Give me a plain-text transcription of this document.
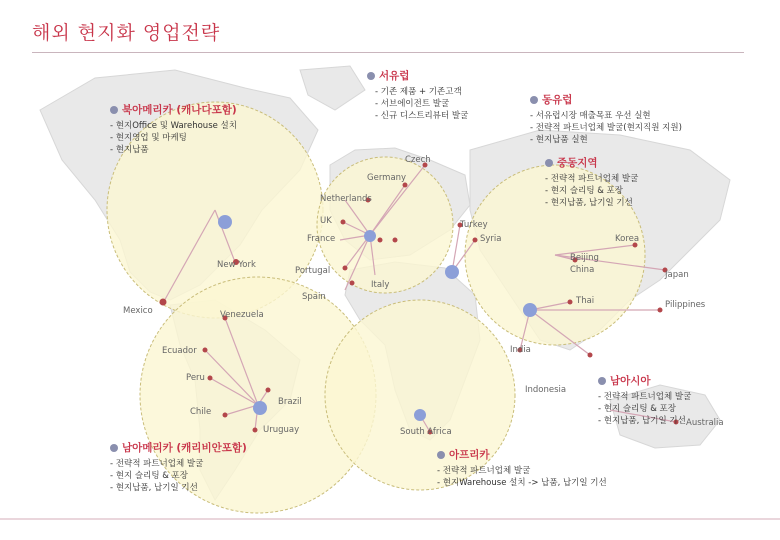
해외 현지화 영업전략
Czech
Germany
Netherlands
UK	Turkey
France	Syria	Korea
New York
Portugal
Beijing
China	Japan
Italy
Spain	Thai
Mexico	Venezuela
Pilippines
Ecuador	India
Peru
Indonesia
Brazil
Chile
Uruguay	South Africa
Australia
서유럽
- 기존 제품 + 기존고객
- 서브에이전트 발굴
- 신규 디스트리뷰터 발굴
동유럽
- 서유럽시장 매출목표 우선 실현
- 전략적 파트너업체 발굴(현지직원 지원)
- 현지납품 실현
북아메리카 (캐나다포함)
- 현지Office 및 Warehouse 설치
- 현지영업 및 마케팅
- 현지납품
중동지역
- 전략적 파트너업체 발굴
- 현지 슬리팅 & 포장
- 현지납품, 납기일 기선
남아시아
- 전략적 파트너업체 발굴
- 현지 슬리팅 & 포장
- 현지납품, 납기일 기선
남아메리카 (캐리비안포함)
- 전략적 파트너업체 발굴
- 현지 슬리팅 & 포장
- 현지납품, 납기일 기선
아프리카
- 전략적 파트너업체 발굴
- 현지Warehouse 설치 -> 납품, 납기일 기선
